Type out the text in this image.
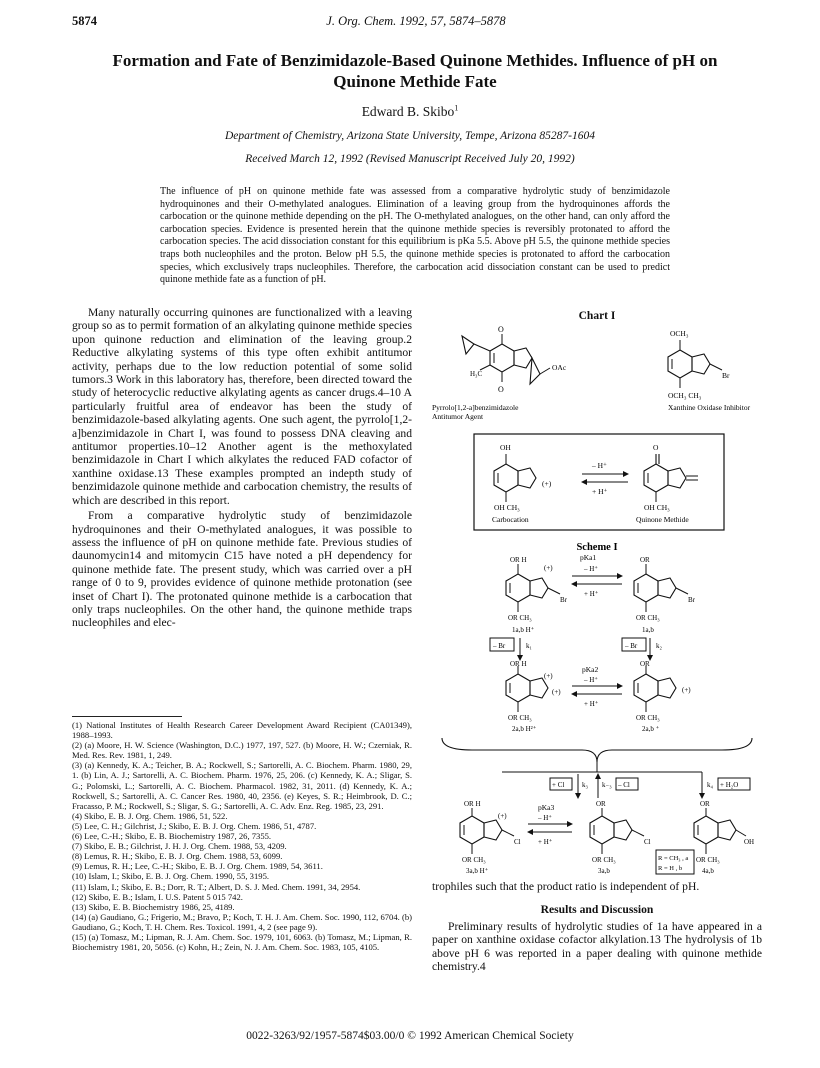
5874	J. Org. Chem. 1992, 57, 5874–5878
Formation and Fate of Benzimidazole-Based Quinone Methides. Influence of pH on Quinone Methide Fate
Edward B. Skibo$^1$
Department of Chemistry, Arizona State University, Tempe, Arizona 85287-1604
Received March 12, 1992 (Revised Manuscript Received July 20, 1992)
The influence of pH on quinone methide fate was assessed from a comparative hydrolytic study of benzimidazole hydroquinones and their O-methylated analogues. Elimination of a leaving group from the hydroquinones affords the carbocation or the quinone methide depending on the pH. The O-methylated analogues, on the other hand, can only afford the carbocation species. Evidence is presented herein that the quinone methide species is reversibly protonated to afford the carbocation species. The acid dissociation constant for this equilibrium is pKa 5.5. Above pH 5.5, the quinone methide species traps both nucleophiles and the proton. Below pH 5.5, the quinone methide species is protonated to afford the carbocation species, which exclusively traps nucleophiles. Therefore, the carbocation acid dissociation constant can be used to predict quinone methide fate as a function of pH.

Many naturally occurring quinones are functionalized with a leaving group so as to permit formation of an alkylating quinone methide species upon quinone reduction and elimination of the leaving group.2 Reductive alkylating systems of this type often exhibit antitumor activity, perhaps due to the low reduction potential of some solid tumors.3 Work in this laboratory has, therefore, been directed toward the study of heterocyclic reductive alkylating agents as cancer drugs.4–10 A particularly fruitful area of endeavor has been the study of benzimidazole-based alkylating agents. One such agent, the pyrrolo[1,2-a]benzimidazole in Chart I, was found to possess DNA cleaving and antitumor properties.10–12 Another agent is the methoxylated benzimidazole in Chart I which alkylates the reduced FAD cofactor of xanthine oxidase.13 These examples prompted an indepth study of benzimidazole quinone methide and carbocation chemistry, the results of which are described in this report.

From a comparative hydrolytic study of benzimidazole hydroquinones and their O-methylated analogues, it was possible to assess the influence of pH on quinone methide fate. Previous studies of daunomycin14 and mitomycin C15 have noted a pH dependency for quinone methide fate. The present study, which was carried over a pH range of 0 to 9, provides evidence of quinone methide protonation (see inset of Chart I). The protonated quinone methide is a carbocation that only traps nucleophiles. On the other hand, the quinone methide traps nucleophiles and elec-

(1) National Institutes of Health Research Career Development Award Recipient (CA01349), 1988–1993.
(2) (a) Moore, H. W. Science (Washington, D.C.) 1977, 197, 527. (b) Moore, H. W.; Czerniak, R. Med. Res. Rev. 1981, 1, 249.
(3) (a) Kennedy, K. A.; Teicher, B. A.; Rockwell, S.; Sartorelli, A. C. Biochem. Pharm. 1980, 29, 1. (b) Lin, A. J.; Sartorelli, A. C. Biochem. Pharm. 1976, 25, 206. (c) Kennedy, K. A.; Sligar, S. G.; Polomski, L.; Sartorelli, A. C. Biochem. Pharmacol. 1982, 31, 2011. (d) Kennedy, K. A.; Rockwell, S.; Sartorelli, A. C. Cancer Res. 1980, 40, 2356. (e) Keyes, S. R.; Heimbrook, D. C.; Fracasso, P. M.; Rockwell, S.; Sligar, S. G.; Sartorelli, A. C. Adv. Enz. Reg. 1985, 23, 291.
(4) Skibo, E. B. J. Org. Chem. 1986, 51, 522.
(5) Lee, C. H.; Gilchrist, J.; Skibo, E. B. J. Org. Chem. 1986, 51, 4787.
(6) Lee, C.-H.; Skibo, E. B. Biochemistry 1987, 26, 7355.
(7) Skibo, E. B.; Gilchrist, J. H. J. Org. Chem. 1988, 53, 4209.
(8) Lemus, R. H.; Skibo, E. B. J. Org. Chem. 1988, 53, 6099.
(9) Lemus, R. H.; Lee, C.-H.; Skibo, E. B. J. Org. Chem. 1989, 54, 3611.
(10) Islam, I.; Skibo, E. B. J. Org. Chem. 1990, 55, 3195.
(11) Islam, I.; Skibo, E. B.; Dorr, R. T.; Albert, D. S. J. Med. Chem. 1991, 34, 2954.
(12) Skibo, E. B.; Islam, I. U.S. Patent 5 015 742.
(13) Skibo, E. B. Biochemistry 1986, 25, 4189.
(14) (a) Gaudiano, G.; Frigerio, M.; Bravo, P.; Koch, T. H. J. Am. Chem. Soc. 1990, 112, 6704. (b) Gaudiano, G.; Koch, T. H. Chem. Res. Toxicol. 1991, 4, 2 (see page 9).
(15) (a) Tomasz, M.; Lipman, R. J. Am. Chem. Soc. 1979, 101, 6063. (b) Tomasz, M.; Lipman, R. Biochemistry 1981, 20, 5056. (c) Kohn, H.; Zein, N. J. Am. Chem. Soc. 1983, 105, 4105.
Chart I
O
O
H₃C
OAc
Pyrrolo[1,2-a]benzimidazole
Antitumor Agent
OCH₃
OCH₃ CH₃
Br
Xanthine Oxidase Inhibitor
OH
OH CH₃
(+)
Carbocation
– H⁺
+ H⁺
O
OH CH₃
Quinone Methide
Scheme I
OR H
(+)
Br
OR CH₃
1a,b H⁺
pKa1
– H⁺
+ H⁺
OR
Br
OR CH₃
1a,b
– Br	k₁	– Br	k₂
OR H
(+)
(+)
OR CH₃
2a,b H²⁺
pKa2
– H⁺
+ H⁺
OR
(+)
OR CH₃
2a,b ⁺
+ Cl	k₃ k₋₃ – Cl	k₄ + H₂O
OR H
(+)
Cl
OR CH₃
3a,b H⁺
pKa3
– H⁺
+ H⁺
OR
Cl
OR CH₃
3a,b
OR
OH
OR CH₃
4a,b
R = CH₃ , a
R = H , b

trophiles such that the product ratio is independent of pH.

Results and Discussion

Preliminary results of hydrolytic studies of 1a have appeared in a paper on xanthine oxidase cofactor alkylation.13 The hydrolysis of 1b above pH 6 was reported in a paper dealing with quinone methide chemistry.4

0022-3263/92/1957-5874$03.00/0 © 1992 American Chemical Society
